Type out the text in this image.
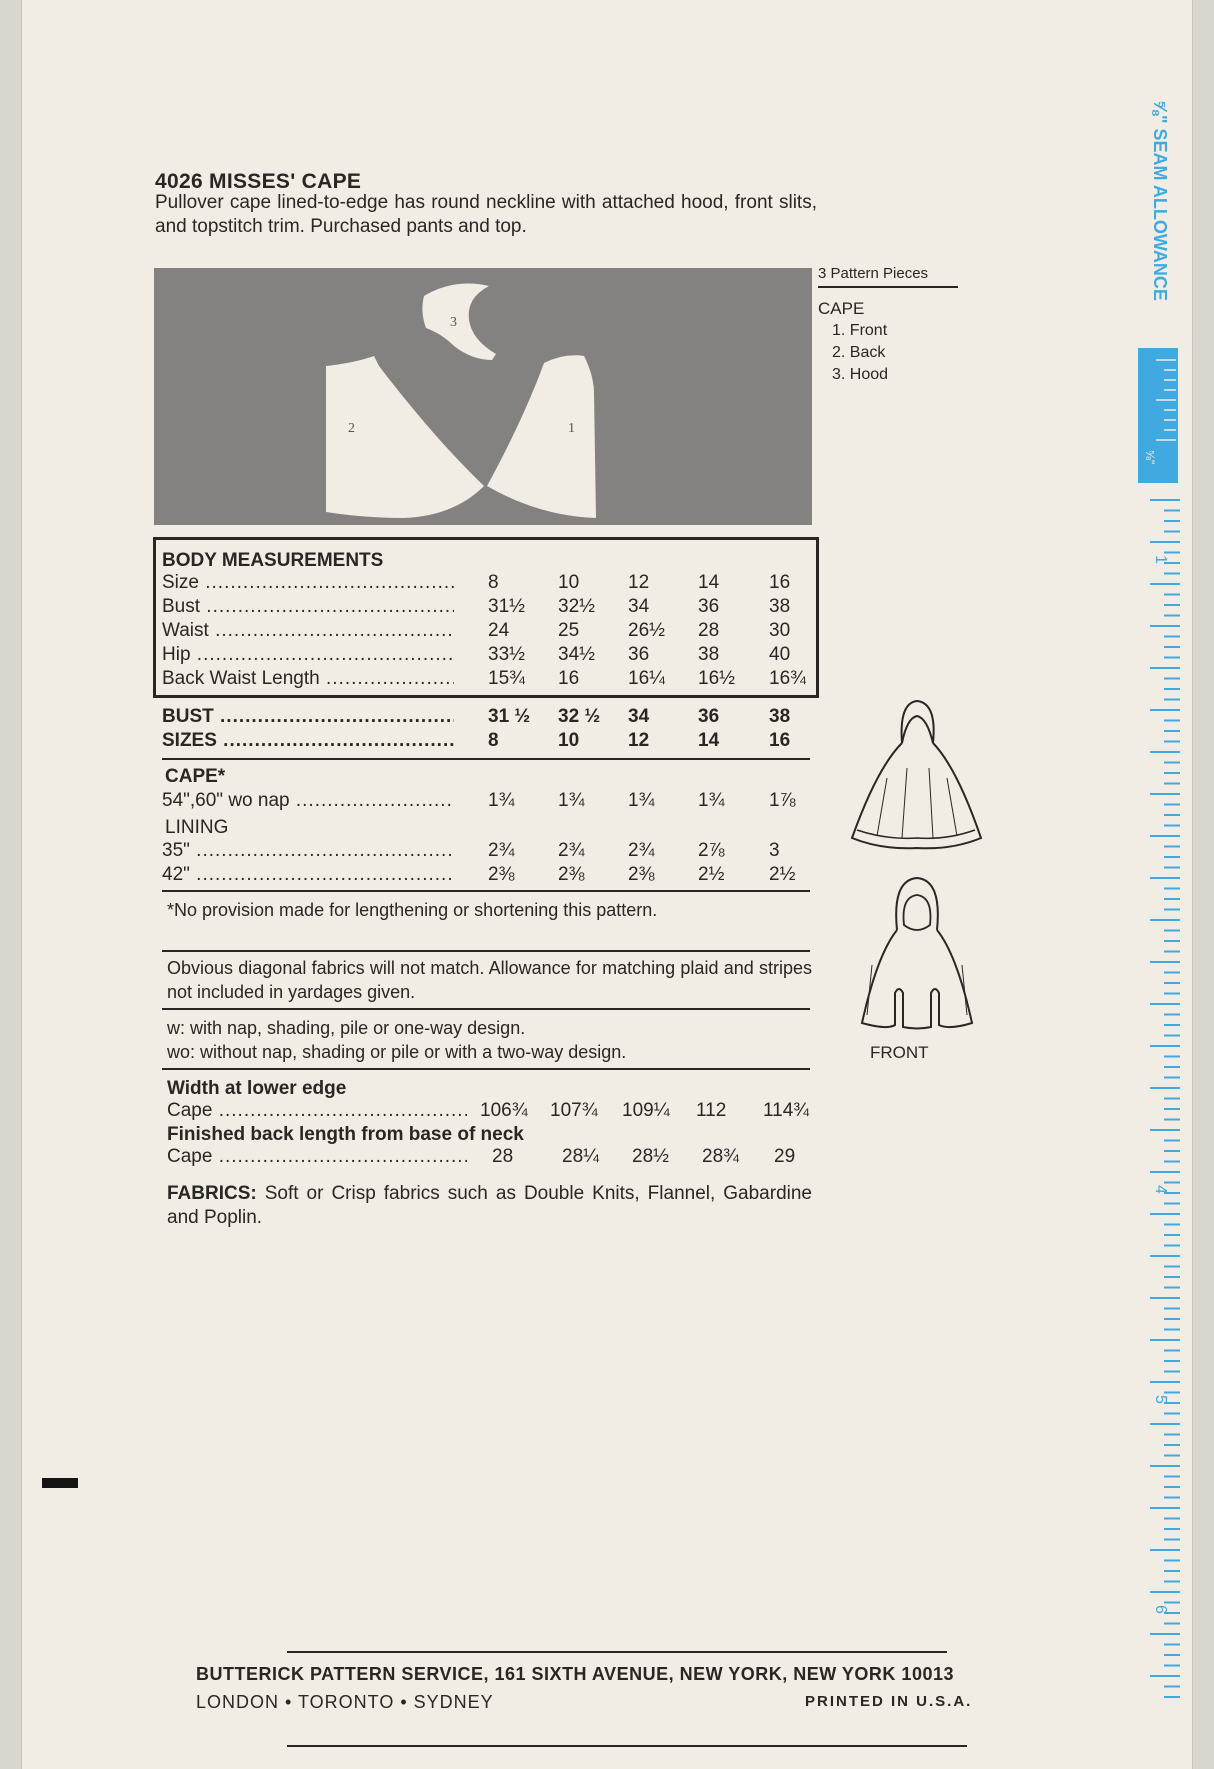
4026 MISSES' CAPE
Pullover cape lined-to-edge has round neckline with attached hood, front slits, and topstitch trim. Purchased pants and top.
3
2	1
3 Pattern Pieces
CAPE
1. Front
2. Back
3. Hood
BODY MEASUREMENTS
Size .....	8	10	12	14	16
Bust .....	31½	32½	34	36	38
Waist .....	24	25	26½	28	30
Hip .....	33½	34½	36	38	40
Back Waist Length .....	15¾	16	16¼	16½	16¾
BUST .....	31 ½	32 ½	34	36	38
SIZES .....	8	10	12	14	16
CAPE*
54",60" wo nap .....	1¾	1¾	1¾	1¾	1⅞
LINING
35" .....	2¾	2¾	2¾	2⅞	3
42" .....	2⅜	2⅜	2⅜	2½	2½
*No provision made for lengthening or shortening this pattern.
Obvious diagonal fabrics will not match. Allowance for matching plaid and stripes not included in yardages given.
w: with nap, shading, pile or one-way design.
wo: without nap, shading or pile or with a two-way design.
Width at lower edge
Cape .....	106¾	107¾	109¼	112	114¾
Finished back length from base of neck
Cape .....	28	28¼	28½	28¾	29
FABRICS: Soft or Crisp fabrics such as Double Knits, Flannel, Gabardine and Poplin.
FRONT
⅝" SEAM ALLOWANCE
⅝"
1
4
5
6
BUTTERICK PATTERN SERVICE, 161 SIXTH AVENUE, NEW YORK, NEW YORK 10013
LONDON • TORONTO • SYDNEY	PRINTED IN U.S.A.
